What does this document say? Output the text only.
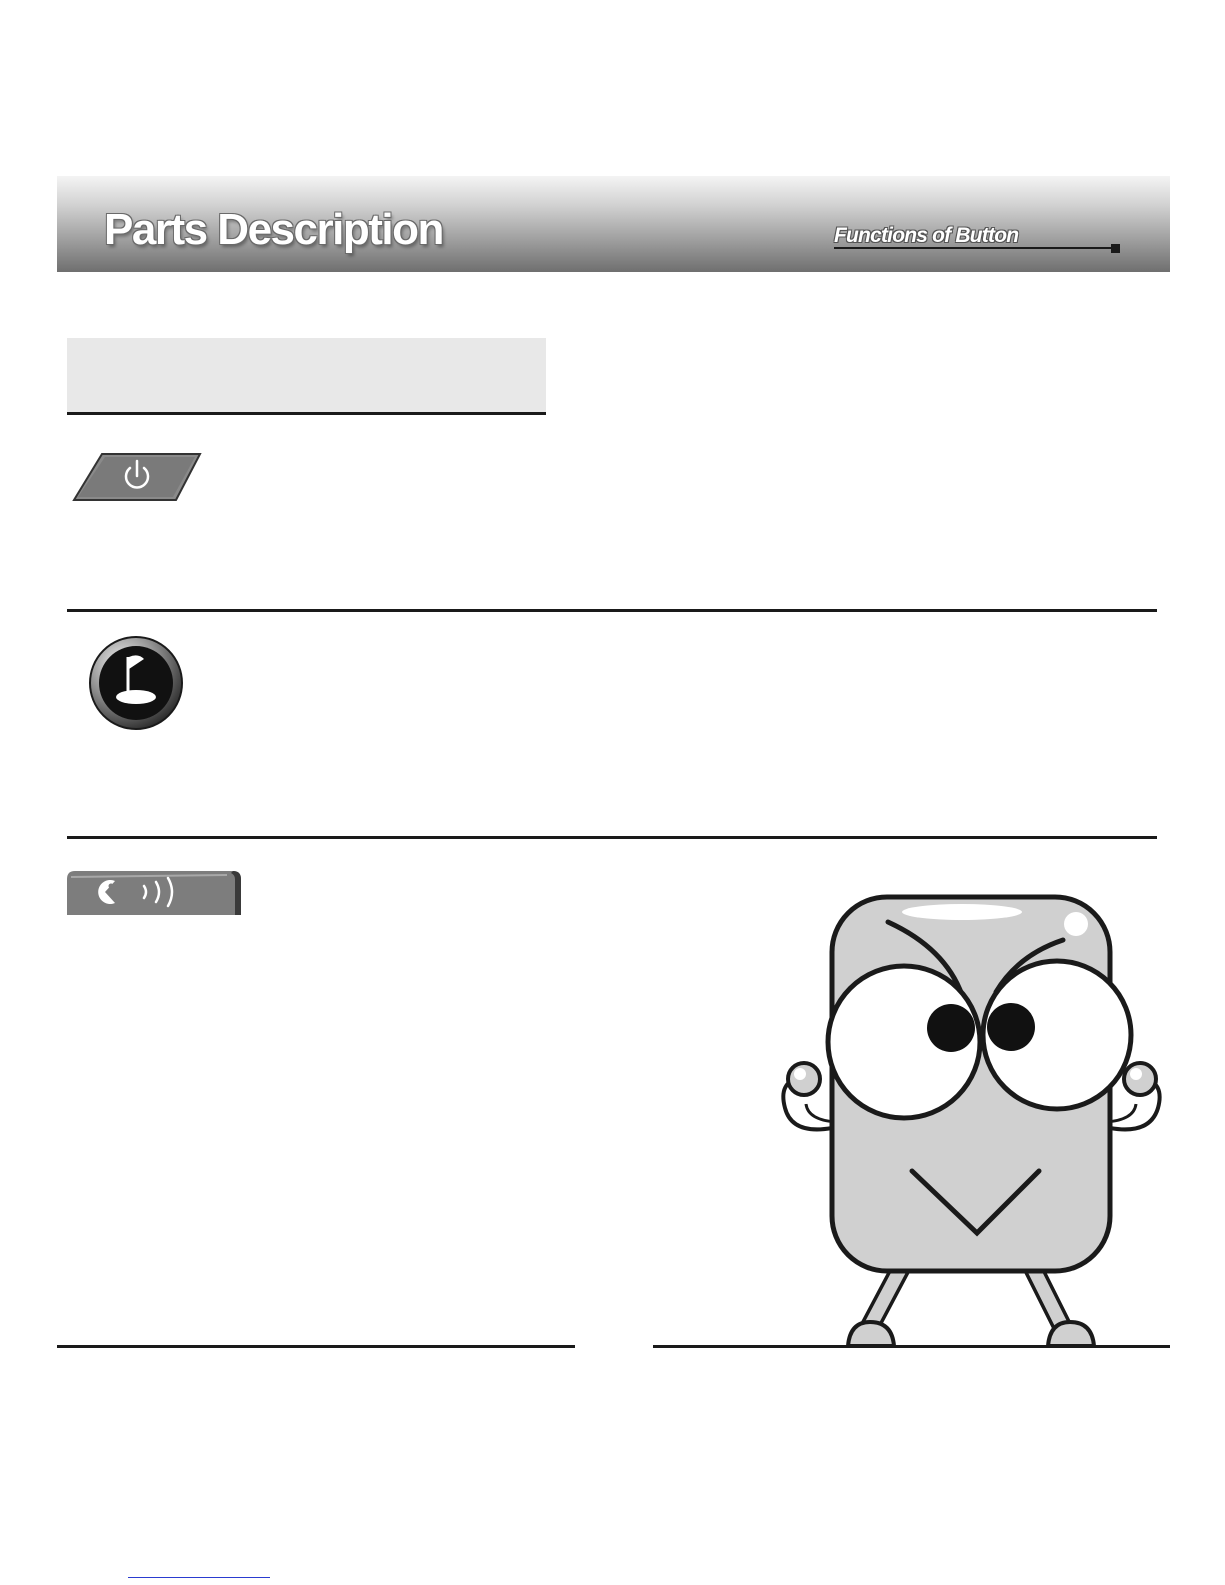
Parts Description	Functions of Button
